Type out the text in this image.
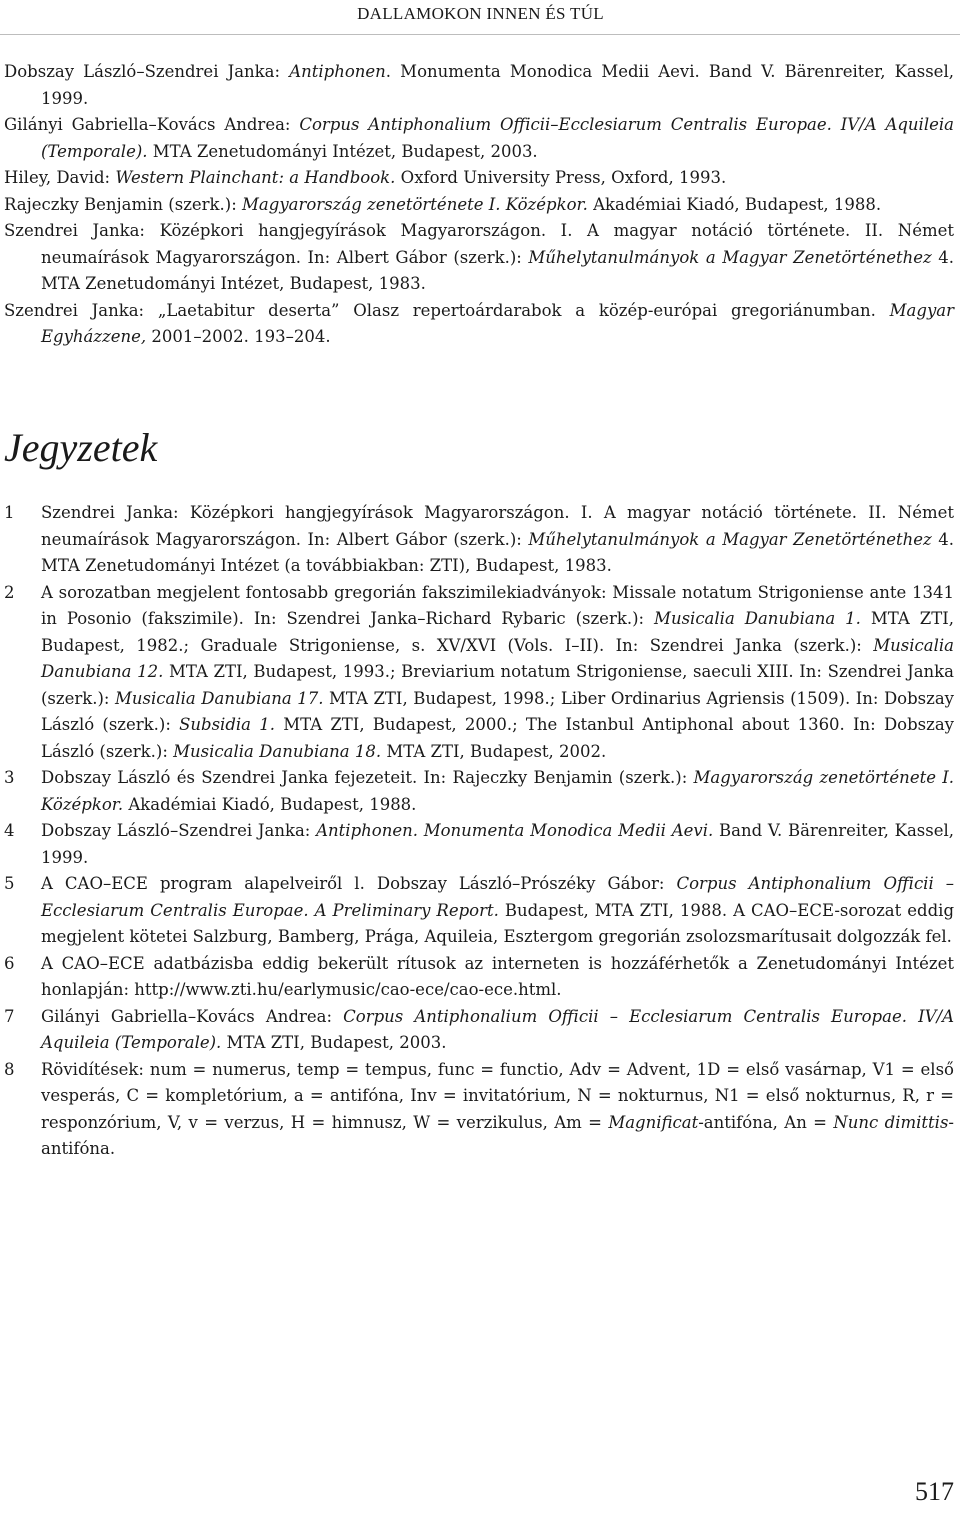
DALLAMOKON INNEN ÉS TÚL

Dobszay László–Szendrei Janka: Antiphonen. Monumenta Monodica Medii Aevi. Band V. Bärenreiter, Kassel, 1999.

Gilányi Gabriella–Kovács Andrea: Corpus Antiphonalium Officii–Ecclesiarum Centralis Europae. IV/A Aquileia (Temporale). MTA Zenetudományi Intézet, Budapest, 2003.

Hiley, David: Western Plainchant: a Handbook. Oxford University Press, Oxford, 1993.

Rajeczky Benjamin (szerk.): Magyarország zenetörténete I. Középkor. Akadémiai Kiadó, Budapest, 1988.

Szendrei Janka: Középkori hangjegyírások Magyarországon. I. A magyar notáció története. II. Német neumaírások Magyarországon. In: Albert Gábor (szerk.): Műhelytanulmányok a Magyar Zenetörténethez 4. MTA Zenetudományi Intézet, Budapest, 1983.

Szendrei Janka: „Laetabitur deserta” Olasz repertoárdarabok a közép-európai gregoriánumban. Magyar Egyházzene, 2001–2002. 193–204.

Jegyzetek

1 Szendrei Janka: Középkori hangjegyírások Magyarországon. I. A magyar notáció története. II. Német neumaírások Magyarországon. In: Albert Gábor (szerk.): Műhelytanulmányok a Magyar Zenetörténethez 4. MTA Zenetudományi Intézet (a továbbiakban: ZTI), Budapest, 1983.

2 A sorozatban megjelent fontosabb gregorián fakszimilekiadványok: Missale notatum Strigoniense ante 1341 in Posonio (fakszimile). In: Szendrei Janka–Richard Rybaric (szerk.): Musicalia Danubiana 1. MTA ZTI, Budapest, 1982.; Graduale Strigoniense, s. XV/XVI (Vols. I–II). In: Szendrei Janka (szerk.): Musicalia Danubiana 12. MTA ZTI, Budapest, 1993.; Breviarium notatum Strigoniense, saeculi XIII. In: Szendrei Janka (szerk.): Musicalia Danubiana 17. MTA ZTI, Budapest, 1998.; Liber Ordinarius Agriensis (1509). In: Dobszay László (szerk.): Subsidia 1. MTA ZTI, Budapest, 2000.; The Istanbul Antiphonal about 1360. In: Dobszay László (szerk.): Musicalia Danubiana 18. MTA ZTI, Budapest, 2002.

3 Dobszay László és Szendrei Janka fejezeteit. In: Rajeczky Benjamin (szerk.): Magyarország zenetörténete I. Középkor. Akadémiai Kiadó, Budapest, 1988.

4 Dobszay László–Szendrei Janka: Antiphonen. Monumenta Monodica Medii Aevi. Band V. Bärenreiter, Kassel, 1999.

5 A CAO–ECE program alapelveiről l. Dobszay László–Prószéky Gábor: Corpus Antiphonalium Officii –Ecclesiarum Centralis Europae. A Preliminary Report. Budapest, MTA ZTI, 1988. A CAO–ECE-sorozat eddig megjelent kötetei Salzburg, Bamberg, Prága, Aquileia, Esztergom gregorián zsolozsmarítusait dolgozzák fel.

6 A CAO–ECE adatbázisba eddig bekerült rítusok az interneten is hozzáférhetők a Zenetudományi Intézet honlapján: http://www.zti.hu/earlymusic/cao-ece/cao-ece.html.

7 Gilányi Gabriella–Kovács Andrea: Corpus Antiphonalium Officii – Ecclesiarum Centralis Europae. IV/A Aquileia (Temporale). MTA ZTI, Budapest, 2003.

8 Rövidítések: num = numerus, temp = tempus, func = functio, Adv = Advent, 1D = első vasárnap, V1 = első vesperás, C = kompletórium, a = antifóna, Inv = invitatórium, N = nokturnus, N1 = első nokturnus, R, r = responzórium, V, v = verzus, H = himnusz, W = verzikulus, Am = Magnificat-antifóna, An = Nunc dimittis-antifóna.

517
